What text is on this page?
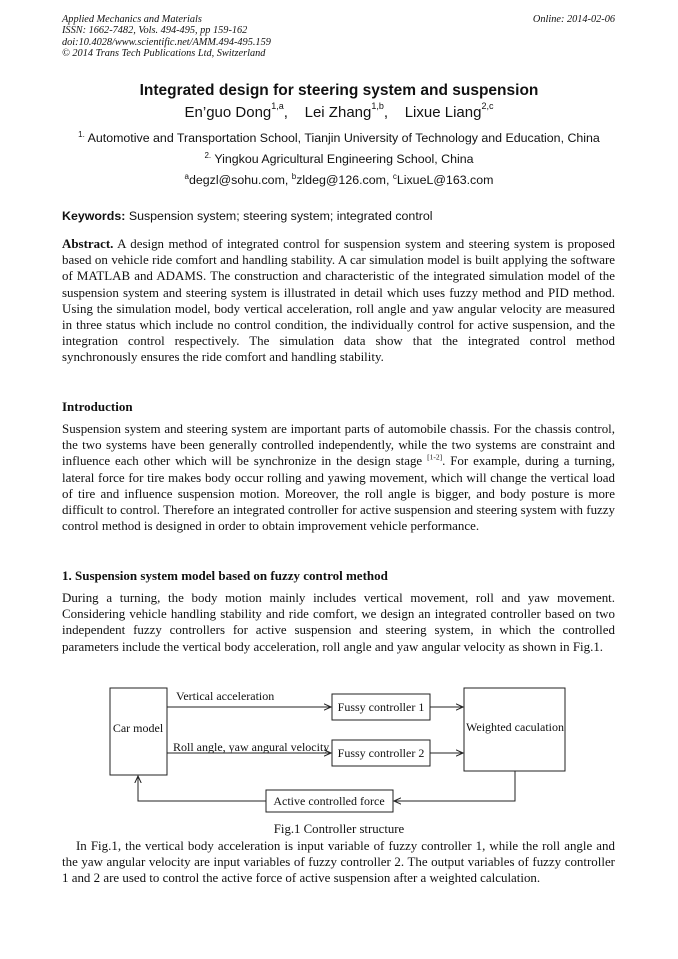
Applied Mechanics and Materials
ISSN: 1662-7482, Vols. 494-495, pp 159-162
doi:10.4028/www.scientific.net/AMM.494-495.159
© 2014 Trans Tech Publications Ltd, Switzerland
Online: 2014-02-06
Integrated design for steering system and suspension
En’guo Dong$^{1,a}$, Lei Zhang$^{1,b}$, Lixue Liang$^{2,c}$
$^{1.}$ Automotive and Transportation School, Tianjin University of Technology and Education, China
$^{2.}$ Yingkou Agricultural Engineering School, China
$^a$degzl@sohu.com, $^b$zldeg@126.com, $^c$LixueL@163.com
Keywords: Suspension system; steering system; integrated control
Abstract. A design method of integrated control for suspension system and steering system is proposed based on vehicle ride comfort and handling stability. A car simulation model is built applying the software of MATLAB and ADAMS. The construction and characteristic of the integrated simulation model of the suspension system and steering system is illustrated in detail which uses fuzzy method and PID method. Using the simulation model, body vertical acceleration, roll angle and yaw angular velocity are measured in three status which include no control condition, the individually control for active suspension, and the integration control respectively. The simulation data show that the integrated control method synchronously ensures the ride comfort and handling stability.
Introduction
Suspension system and steering system are important parts of automobile chassis. For the chassis control, the two systems have been generally controlled independently, while the two systems are constraint and influence each other which will be synchronize in the design stage [1-2]. For example, during a turning, lateral force for tire makes body occur rolling and yawing movement, which will change the vertical load of tire and influence suspension motion. Moreover, the roll angle is bigger, and body posture is more difficult to control. Therefore an integrated controller for active suspension and steering system with fuzzy control method is designed in order to obtain improvement vehicle performance.
1. Suspension system model based on fuzzy control method
During a turning, the body motion mainly includes vertical movement, roll and yaw movement. Considering vehicle handling stability and ride comfort, we design an integrated controller based on two independent fuzzy controllers for active suspension and steering system, in which the controlled parameters include the vertical body acceleration, roll angle and yaw angular velocity as shown in Fig.1.
Car model
Fussy controller 1
Fussy controller 2
Weighted caculation
Active controlled force
Vertical acceleration
Roll angle, yaw angural velocity
Fig.1 Controller structure
In Fig.1, the vertical body acceleration is input variable of fuzzy controller 1, while the roll angle and the yaw angular velocity are input variables of fuzzy controller 2. The output variables of fuzzy controller 1 and 2 are used to control the active force of active suspension after a weighted calculation.
